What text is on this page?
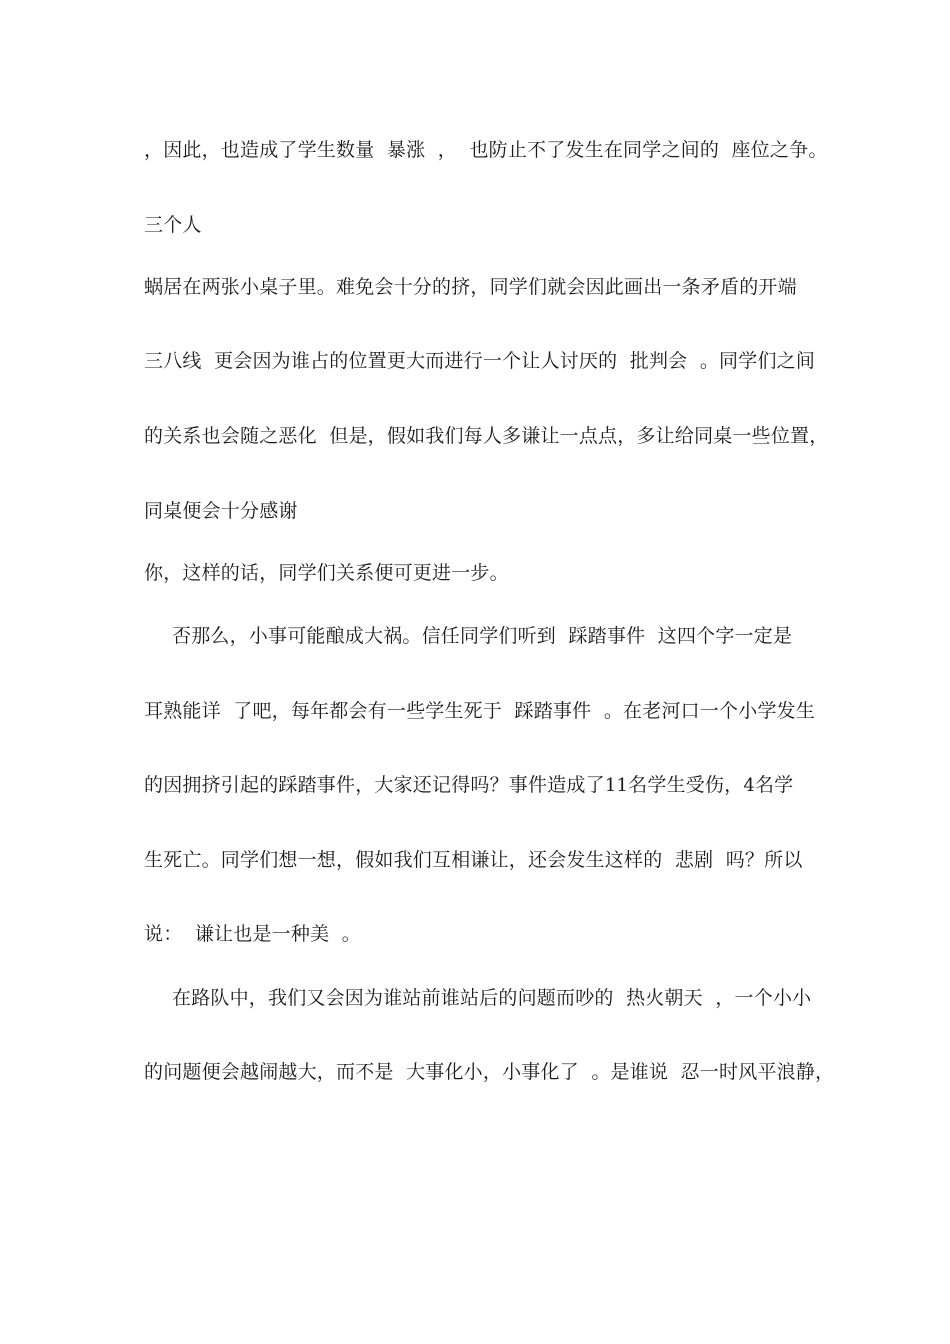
，因此，也造成了学生数量  暴涨  ，  也防止不了发生在同学之间的  座位之争。
三个人
蜗居在两张小桌子里。难免会十分的挤，同学们就会因此画出一条矛盾的开端
三八线  更会因为谁占的位置更大而进行一个让人讨厌的  批判会  。同学们之间
的关系也会随之恶化  但是，假如我们每人多谦让一点点，多让给同桌一些位置，
同桌便会十分感谢
你，这样的话，同学们关系便可更进一步。
否那么，小事可能酿成大祸。信任同学们听到  踩踏事件  这四个字一定是
耳熟能详  了吧，每年都会有一些学生死于  踩踏事件  。在老河口一个小学发生
的因拥挤引起的踩踏事件，大家还记得吗？事件造成了11名学生受伤，4名学
生死亡。同学们想一想，假如我们互相谦让，还会发生这样的  悲剧  吗？所以
说：  谦让也是一种美  。
在路队中，我们又会因为谁站前谁站后的问题而吵的  热火朝天  ，一个小小
的问题便会越闹越大，而不是  大事化小，小事化了  。是谁说  忍一时风平浪静，
